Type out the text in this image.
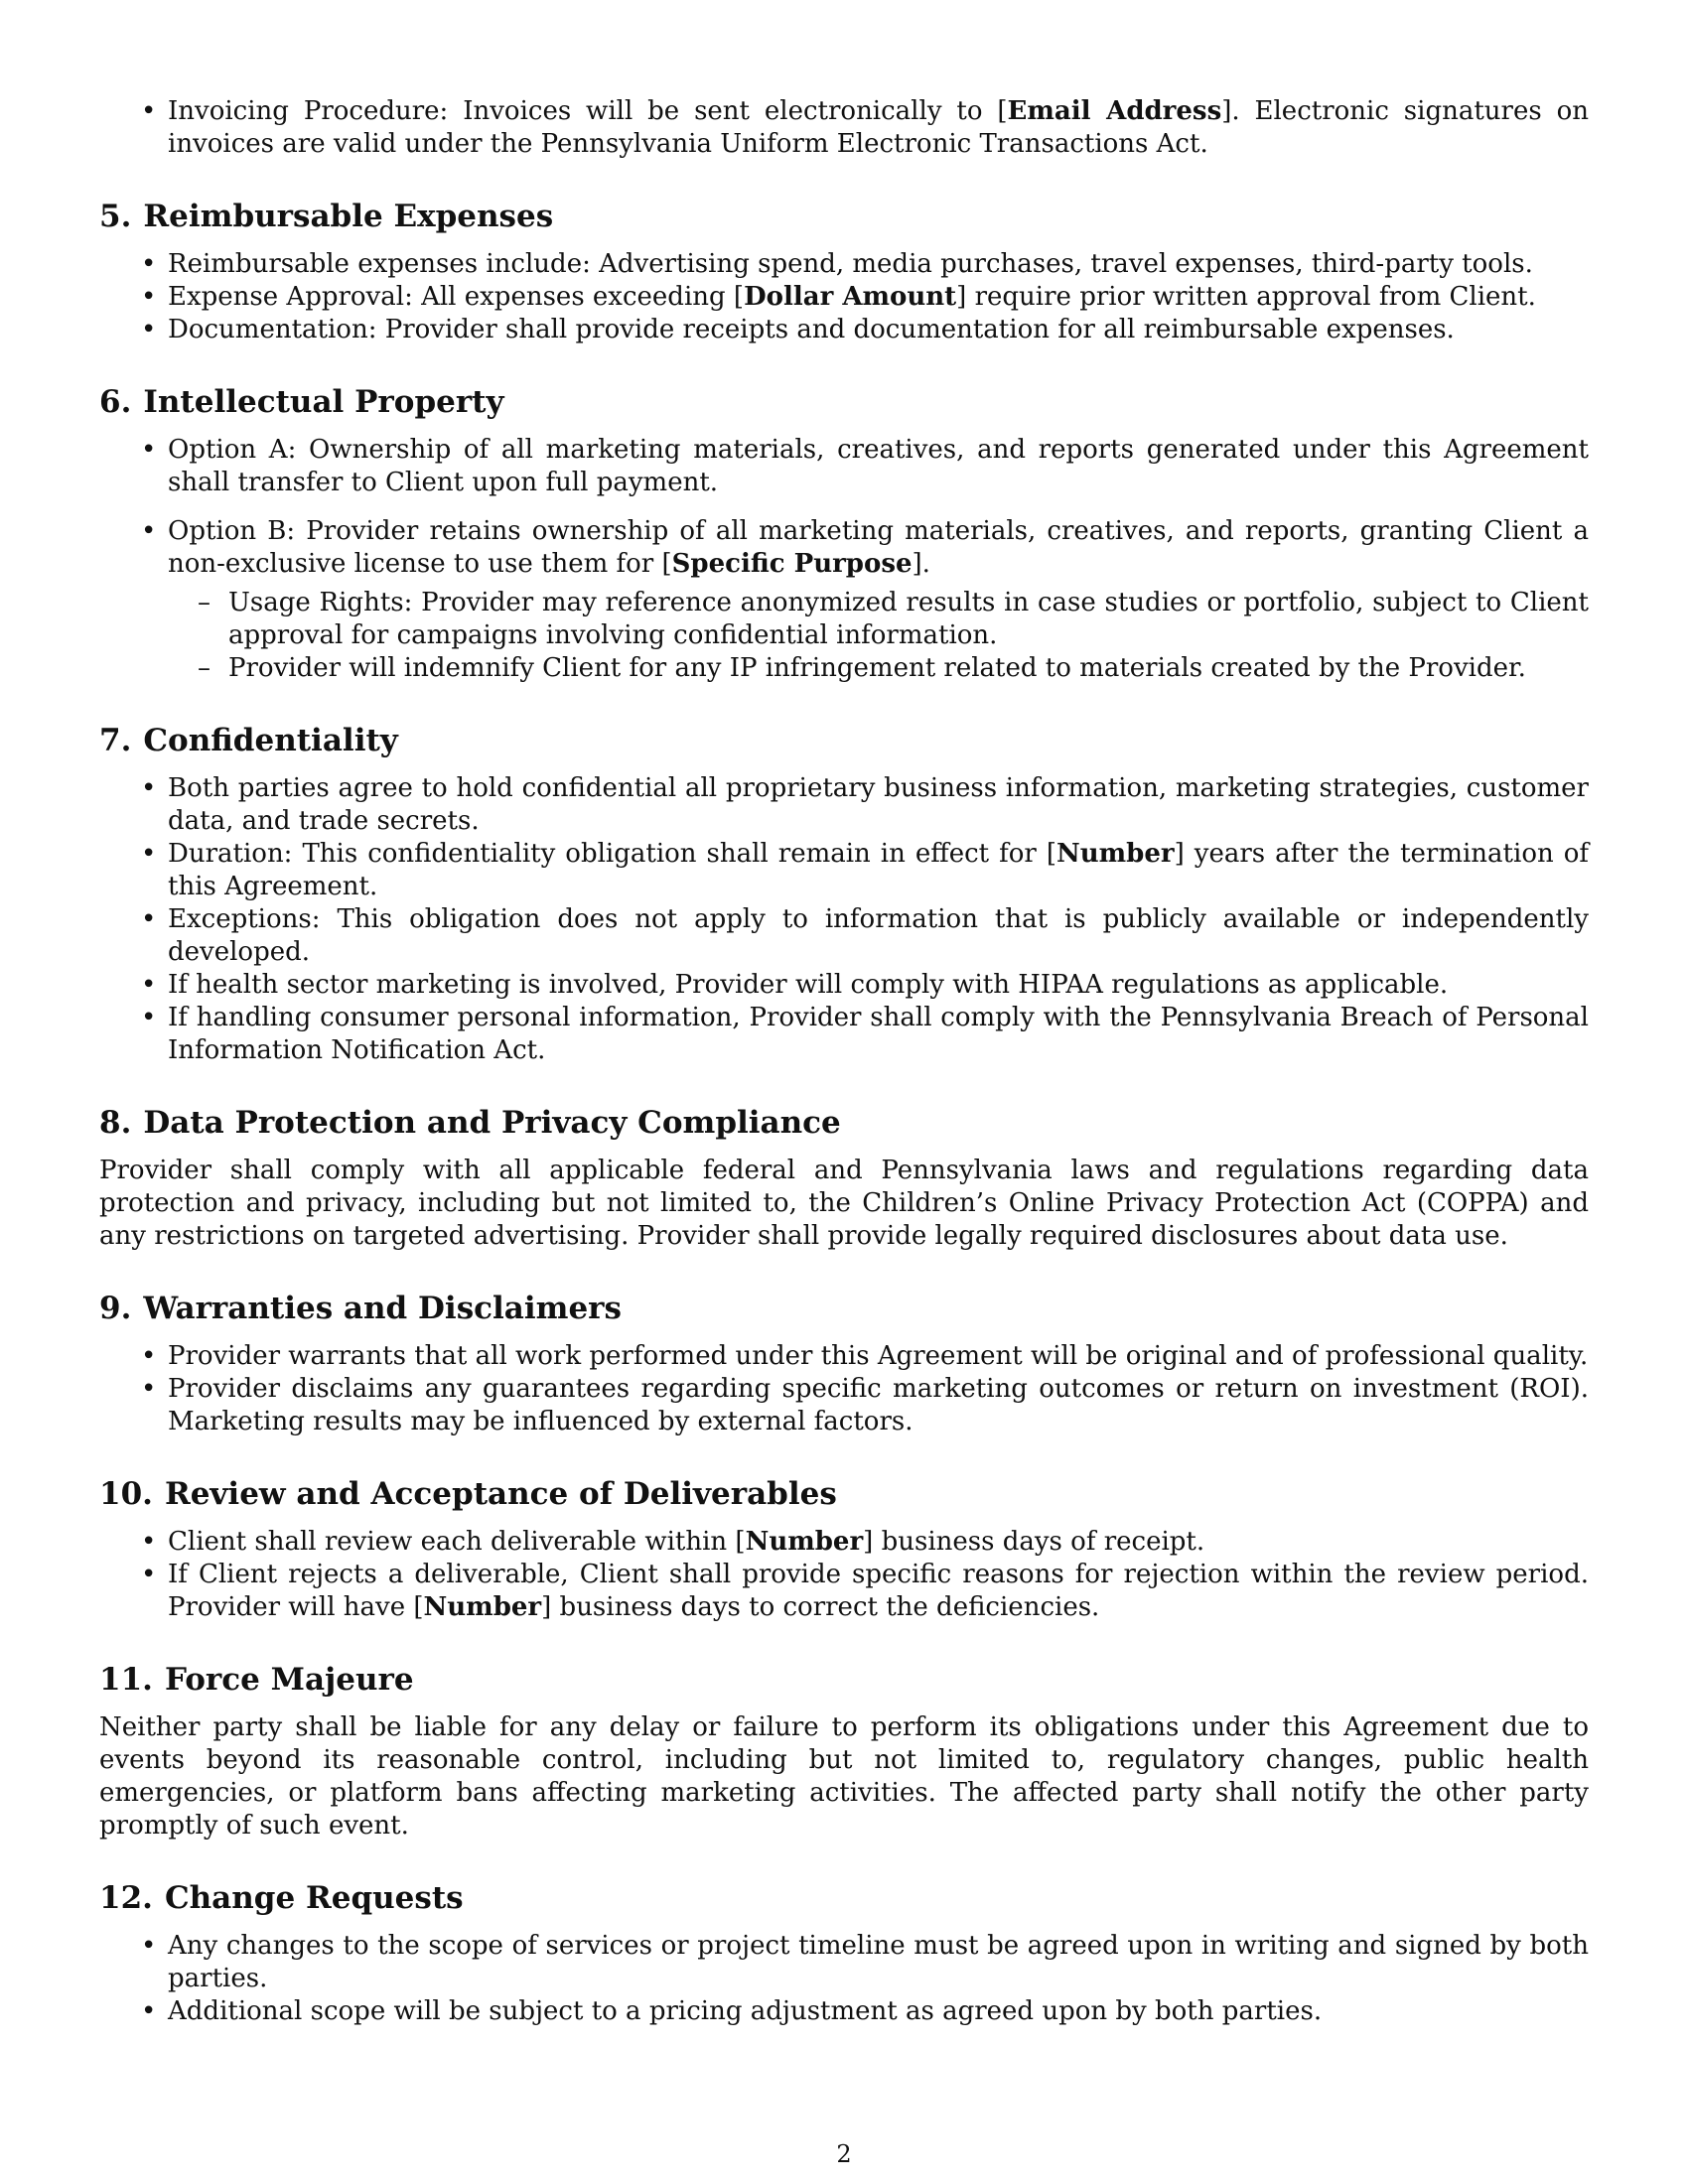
• Invoicing Procedure: Invoices will be sent electronically to [Email Address]. Electronic signatures on invoices are valid under the Pennsylvania Uniform Electronic Transactions Act.
5. Reimbursable Expenses
• Reimbursable expenses include: Advertising spend, media purchases, travel expenses, third-party tools.
• Expense Approval: All expenses exceeding [Dollar Amount] require prior written approval from Client.
• Documentation: Provider shall provide receipts and documentation for all reimbursable expenses.
6. Intellectual Property
• Option A: Ownership of all marketing materials, creatives, and reports generated under this Agreement shall transfer to Client upon full payment.
• Option B: Provider retains ownership of all marketing materials, creatives, and reports, granting Client a non-exclusive license to use them for [Specific Purpose].
– Usage Rights: Provider may reference anonymized results in case studies or portfolio, subject to Client approval for campaigns involving confidential information.
– Provider will indemnify Client for any IP infringement related to materials created by the Provider.
7. Confidentiality
• Both parties agree to hold confidential all proprietary business information, marketing strategies, customer data, and trade secrets.
• Duration: This confidentiality obligation shall remain in effect for [Number] years after the termination of this Agreement.
• Exceptions: This obligation does not apply to information that is publicly available or independently developed.
• If health sector marketing is involved, Provider will comply with HIPAA regulations as applicable.
• If handling consumer personal information, Provider shall comply with the Pennsylvania Breach of Personal Information Notification Act.
8. Data Protection and Privacy Compliance

Provider shall comply with all applicable federal and Pennsylvania laws and regulations regarding data protection and privacy, including but not limited to, the Children’s Online Privacy Protection Act (COPPA) and any restrictions on targeted advertising. Provider shall provide legally required disclosures about data use.

9. Warranties and Disclaimers
• Provider warrants that all work performed under this Agreement will be original and of professional quality.
• Provider disclaims any guarantees regarding specific marketing outcomes or return on investment (ROI). Marketing results may be influenced by external factors.
10. Review and Acceptance of Deliverables
• Client shall review each deliverable within [Number] business days of receipt.
• If Client rejects a deliverable, Client shall provide specific reasons for rejection within the review period. Provider will have [Number] business days to correct the deficiencies.
11. Force Majeure

Neither party shall be liable for any delay or failure to perform its obligations under this Agreement due to events beyond its reasonable control, including but not limited to, regulatory changes, public health emergencies, or platform bans affecting marketing activities. The affected party shall notify the other party promptly of such event.

12. Change Requests
• Any changes to the scope of services or project timeline must be agreed upon in writing and signed by both parties.
• Additional scope will be subject to a pricing adjustment as agreed upon by both parties.
2
